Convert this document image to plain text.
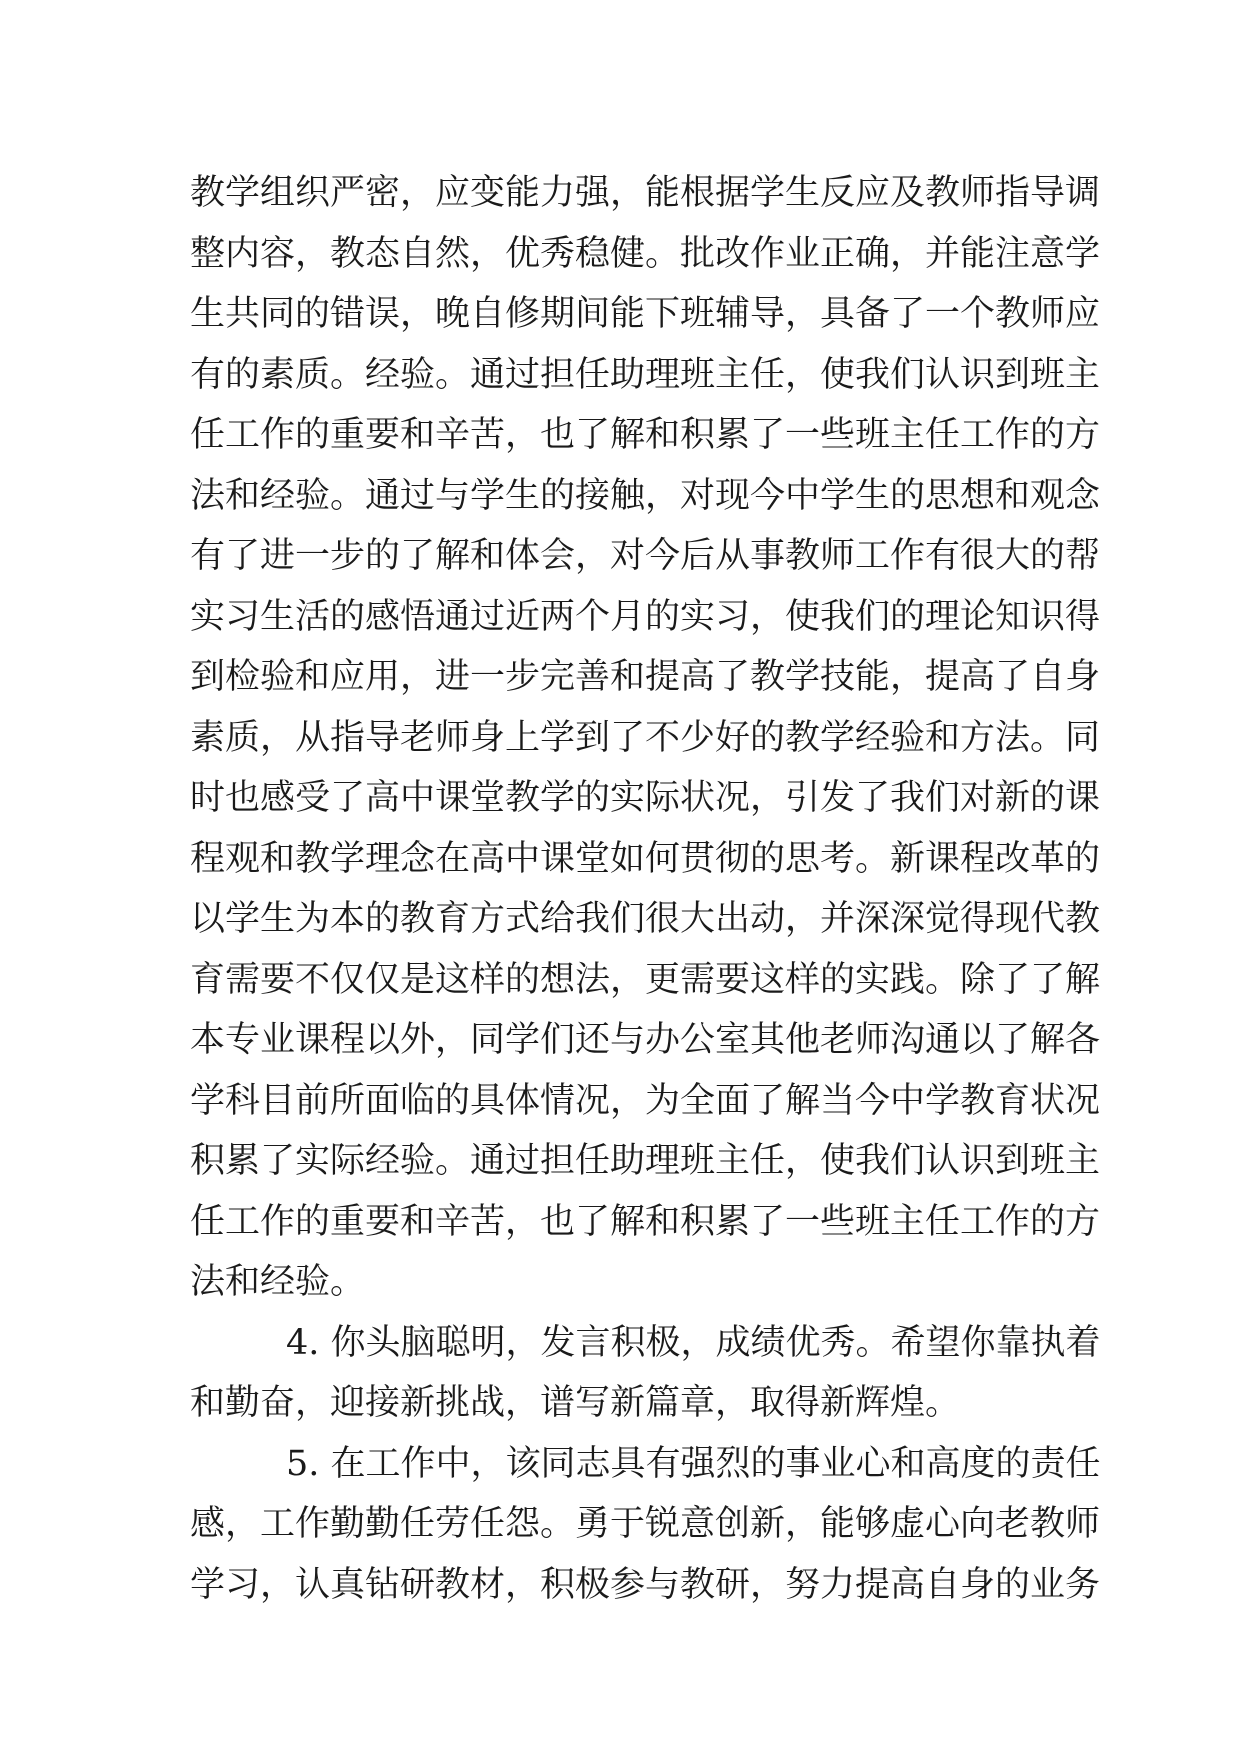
教学组织严密，应变能力强，能根据学生反应及教师指导调
整内容，教态自然，优秀稳健。批改作业正确，并能注意学
生共同的错误，晚自修期间能下班辅导，具备了一个教师应
有的素质。经验。通过担任助理班主任，使我们认识到班主
任工作的重要和辛苦，也了解和积累了一些班主任工作的方
法和经验。通过与学生的接触，对现今中学生的思想和观念
有了进一步的了解和体会，对今后从事教师工作有很大的帮
实习生活的感悟通过近两个月的实习，使我们的理论知识得
到检验和应用，进一步完善和提高了教学技能，提高了自身
素质，从指导老师身上学到了不少好的教学经验和方法。同
时也感受了高中课堂教学的实际状况，引发了我们对新的课
程观和教学理念在高中课堂如何贯彻的思考。新课程改革的
以学生为本的教育方式给我们很大出动，并深深觉得现代教
育需要不仅仅是这样的想法，更需要这样的实践。除了了解
本专业课程以外，同学们还与办公室其他老师沟通以了解各
学科目前所面临的具体情况，为全面了解当今中学教育状况
积累了实际经验。通过担任助理班主任，使我们认识到班主
任工作的重要和辛苦，也了解和积累了一些班主任工作的方
法和经验。
4. 你头脑聪明，发言积极，成绩优秀。希望你靠执着
和勤奋，迎接新挑战，谱写新篇章，取得新辉煌。
5. 在工作中，该同志具有强烈的事业心和高度的责任
感，工作勤勤任劳任怨。勇于锐意创新，能够虚心向老教师
学习，认真钻研教材，积极参与教研，努力提高自身的业务
